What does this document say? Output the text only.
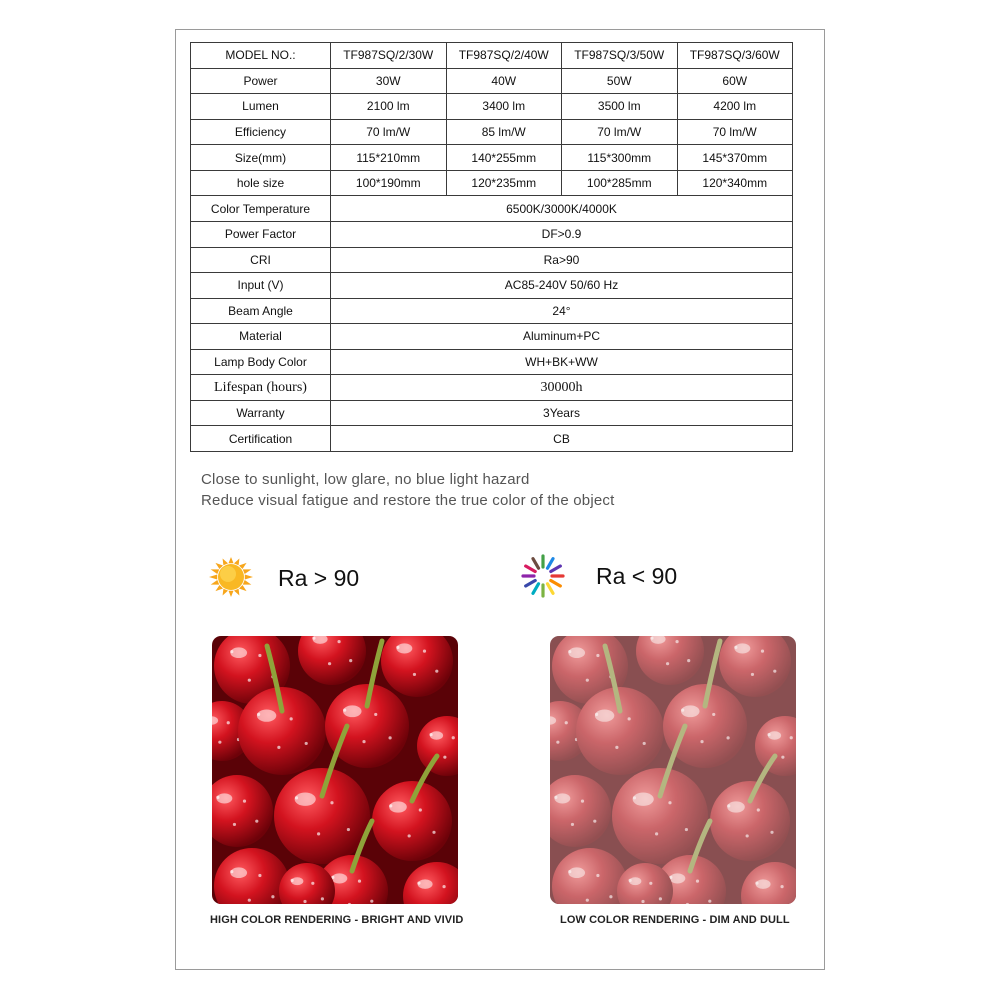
MODEL NO.:	TF987SQ/2/30W	TF987SQ/2/40W	TF987SQ/3/50W	TF987SQ/3/60W
Power	30W	40W	50W	60W
Lumen	2100 lm	3400 lm	3500 lm	4200 lm
Efficiency	70 lm/W	85 lm/W	70 lm/W	70 lm/W
Size(mm)	115*210mm	140*255mm	115*300mm	145*370mm
hole size	100*190mm	120*235mm	100*285mm	120*340mm
Color Temperature	6500K/3000K/4000K			
Power Factor	DF>0.9			
CRI	Ra>90			
Input (V)	AC85-240V 50/60 Hz			
Beam Angle	24°			
Material	Aluminum+PC			
Lamp Body Color	WH+BK+WW			
Lifespan (hours)	30000h			
Warranty	3Years			
Certification	CB			
Close to sunlight, low glare, no blue light hazard
Reduce visual fatigue and restore the true color of the object
Ra > 90	Ra < 90
HIGH COLOR RENDERING - BRIGHT AND VIVID	LOW COLOR RENDERING - DIM AND DULL
